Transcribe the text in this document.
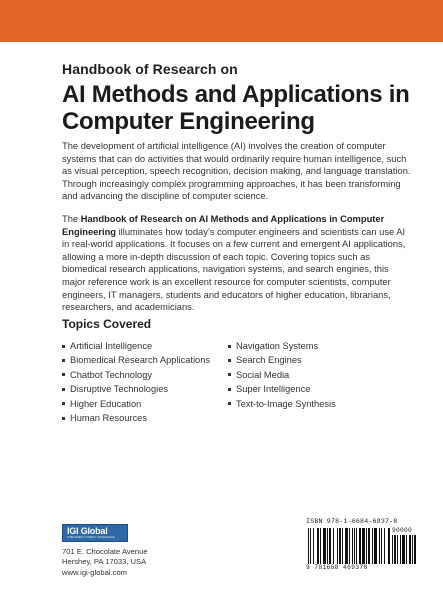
Handbook of Research on
AI Methods and Applications in
Computer Engineering
The development of artificial intelligence (AI) involves the creation of computer systems that can do activities that would ordinarily require human intelligence, such as visual perception, speech recognition, decision making, and language translation. Through increasingly complex programming approaches, it has been transforming and advancing the discipline of computer science.
The Handbook of Research on AI Methods and Applications in Computer Engineering illuminates how today’s computer engineers and scientists can use AI in real-world applications. It focuses on a few current and emergent AI applications, allowing a more in-depth discussion of each topic. Covering topics such as biomedical research applications, navigation systems, and search engines, this major reference work is an excellent resource for computer scientists, computer engineers, IT managers, students and educators of higher education, librarians, researchers, and academicians.
Topics Covered
Artificial Intelligence
Biomedical Research Applications
Chatbot Technology
Disruptive Technologies
Higher Education
Human Resources
Navigation Systems
Search Engines
Social Media
Super Intelligence
Text-to-Image Synthesis
IGI Global
PUBLISHER of TIMELY KNOWLEDGE
701 E. Chocolate Avenue
Hershey, PA 17033, USA
www.igi-global.com
ISBN 978-1-6684-6937-8
90000
9 781668 469378
